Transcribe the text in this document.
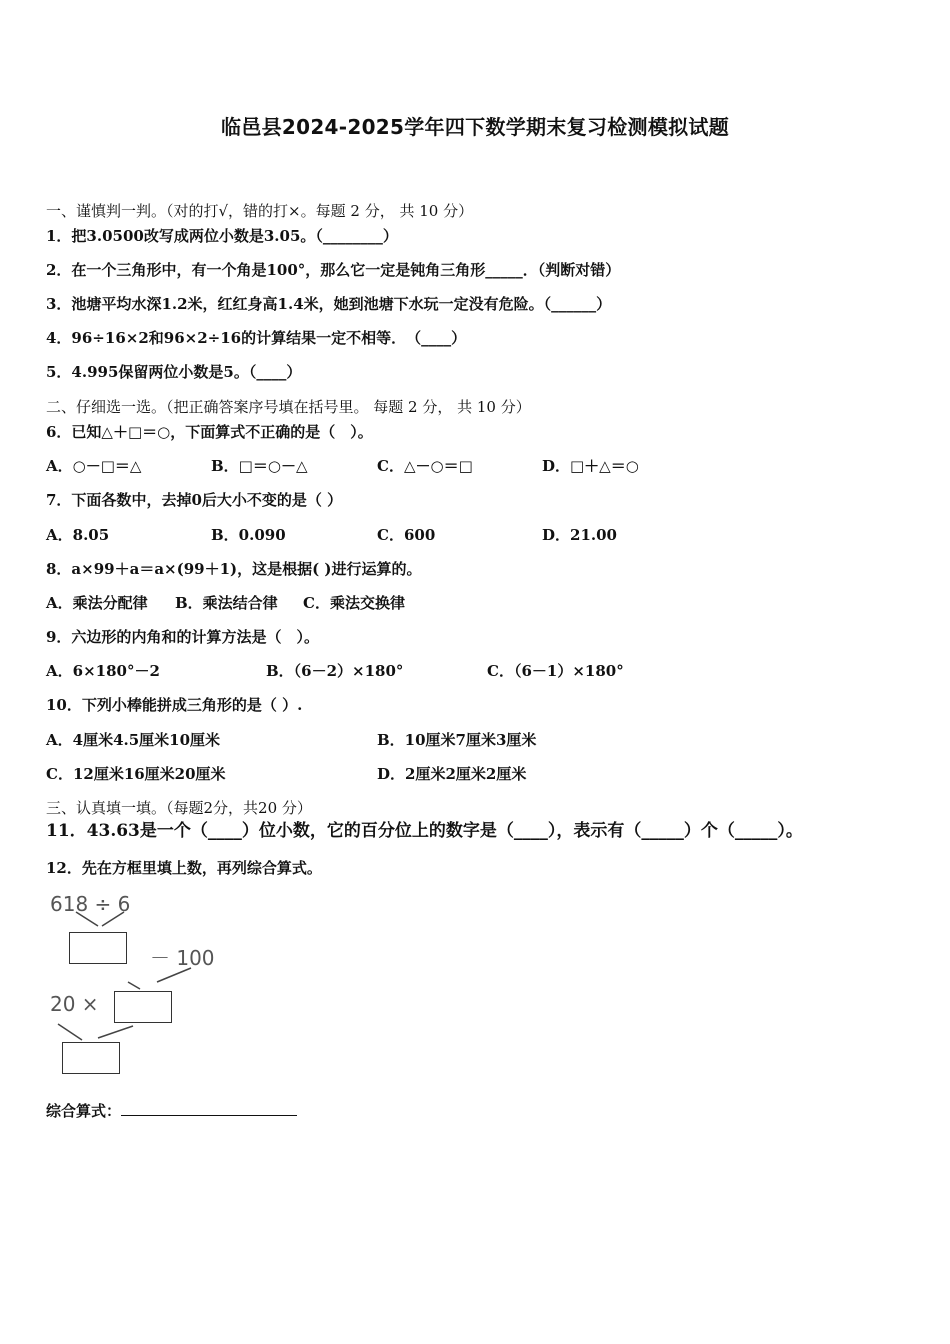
临邑县2024-2025学年四下数学期末复习检测模拟试题
一、谨慎判一判。（对的打√，错的打×。每题 2 分， 共 10 分）
1．把3.0500改写成两位小数是3.05。（________）
2．在一个三角形中，有一个角是100°，那么它一定是钝角三角形_____．（判断对错）
3．池塘平均水深1.2米，红红身高1.4米，她到池塘下水玩一定没有危险。（______）
4．96÷16×2和96×2÷16的计算结果一定不相等．　（____）
5．4.995保留两位小数是5。（____）
二、仔细选一选。（把正确答案序号填在括号里。 每题 2 分， 共 10 分）
6．已知△＋□＝○，下面算式不正确的是（　）。
A．○－□＝△	B．□＝○－△	C．△－○＝□	D．□＋△＝○
7．下面各数中，去掉0后大小不变的是（ ）
A．8.05	B．0.090	C．600	D．21.00
8．a×99＋a＝a×(99＋1)，这是根据( )进行运算的。
A．乘法分配律 B．乘法结合律 C．乘法交换律
9．六边形的内角和的计算方法是（　）。
A．6×180°－2	B．（6－2）×180°	C．（6－1）×180°
10．下列小棒能拼成三角形的是（ ）.
A．4厘米4.5厘米10厘米	B．10厘米7厘米3厘米
C．12厘米16厘米20厘米	D．2厘米2厘米2厘米
三、认真填一填。（每题2分，共20 分）
11．43.63是一个（____）位小数，它的百分位上的数字是（____），表示有（_____）个（_____）。
12．先在方框里填上数，再列综合算式。
618 ÷ 6
－ 100
20 ×
综合算式：
